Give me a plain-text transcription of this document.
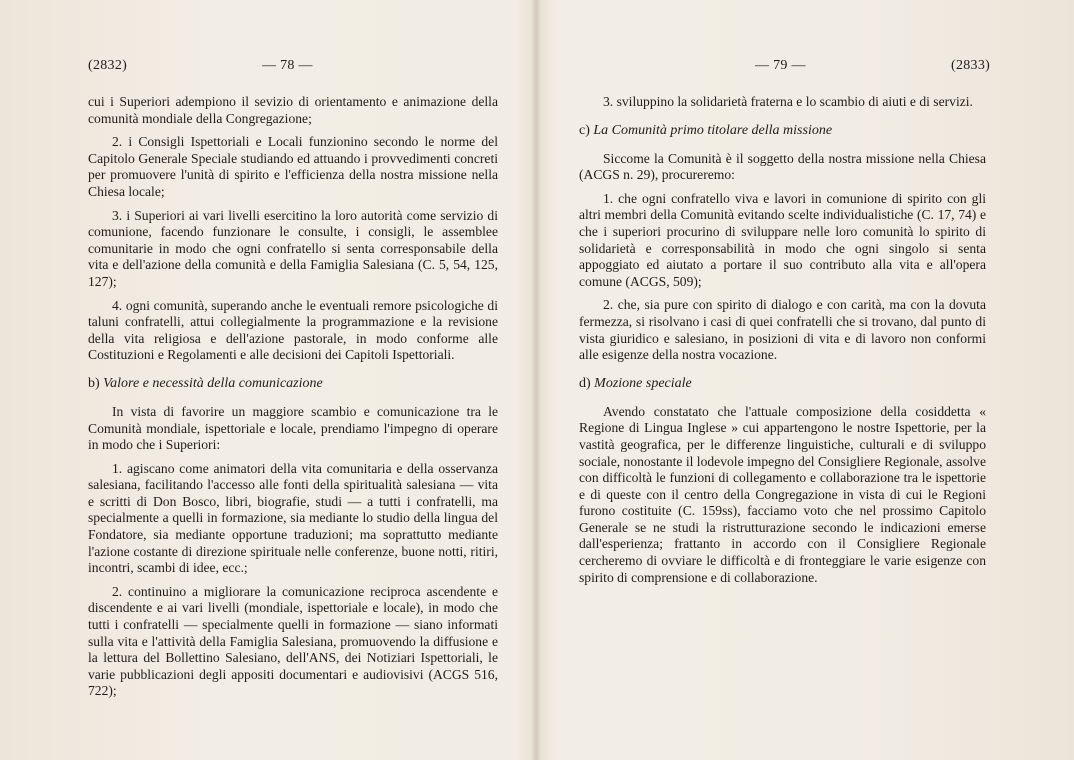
(2832)	— 78 —

cui i Superiori adempiono il sevizio di orientamento e animazione della comunità mondiale della Congregazione;

2. i Consigli Ispettoriali e Locali funzionino secondo le norme del Capitolo Generale Speciale studiando ed attuando i provvedimenti concreti per promuovere l'unità di spirito e l'efficienza della nostra missione nella Chiesa locale;

3. i Superiori ai vari livelli esercitino la loro autorità come servizio di comunione, facendo funzionare le consulte, i consigli, le assemblee comunitarie in modo che ogni confratello si senta corresponsabile della vita e dell'azione della comunità e della Famiglia Salesiana (C. 5, 54, 125, 127);

4. ogni comunità, superando anche le eventuali remore psicologiche di taluni confratelli, attui collegialmente la programmazione e la revisione della vita religiosa e dell'azione pastorale, in modo conforme alle Costituzioni e Regolamenti e alle decisioni dei Capitoli Ispettoriali.

b) Valore e necessità della comunicazione

In vista di favorire un maggiore scambio e comunicazione tra le Comunità mondiale, ispettoriale e locale, prendiamo l'impegno di operare in modo che i Superiori:

1. agiscano come animatori della vita comunitaria e della osservanza salesiana, facilitando l'accesso alle fonti della spiritualità salesiana — vita e scritti di Don Bosco, libri, biografie, studi — a tutti i confratelli, ma specialmente a quelli in formazione, sia mediante lo studio della lingua del Fondatore, sia mediante opportune traduzioni; ma soprattutto mediante l'azione costante di direzione spirituale nelle conferenze, buone notti, ritiri, incontri, scambi di idee, ecc.;

2. continuino a migliorare la comunicazione reciproca ascendente e discendente e ai vari livelli (mondiale, ispettoriale e locale), in modo che tutti i confratelli — specialmente quelli in formazione — siano informati sulla vita e l'attività della Famiglia Salesiana, promuovendo la diffusione e la lettura del Bollettino Salesiano, dell'ANS, dei Notiziari Ispettoriali, le varie pubblicazioni degli appositi documentari e audiovisivi (ACGS 516, 722);

— 79 —	(2833)

3. sviluppino la solidarietà fraterna e lo scambio di aiuti e di servizi.

c) La Comunità primo titolare della missione

Siccome la Comunità è il soggetto della nostra missione nella Chiesa (ACGS n. 29), procureremo:

1. che ogni confratello viva e lavori in comunione di spirito con gli altri membri della Comunità evitando scelte individualistiche (C. 17, 74) e che i superiori procurino di sviluppare nelle loro comunità lo spirito di solidarietà e corresponsabilità in modo che ogni singolo si senta appoggiato ed aiutato a portare il suo contributo alla vita e all'opera comune (ACGS, 509);

2. che, sia pure con spirito di dialogo e con carità, ma con la dovuta fermezza, si risolvano i casi di quei confratelli che si trovano, dal punto di vista giuridico e salesiano, in posizioni di vita e di lavoro non conformi alle esigenze della nostra vocazione.

d) Mozione speciale

Avendo constatato che l'attuale composizione della cosiddetta « Regione di Lingua Inglese » cui appartengono le nostre Ispettorie, per la vastità geografica, per le differenze linguistiche, culturali e di sviluppo sociale, nonostante il lodevole impegno del Consigliere Regionale, assolve con difficoltà le funzioni di collegamento e collaborazione tra le ispettorie e di queste con il centro della Congregazione in vista di cui le Regioni furono costituite (C. 159ss), facciamo voto che nel prossimo Capitolo Generale se ne studi la ristrutturazione secondo le indicazioni emerse dall'esperienza; frattanto in accordo con il Consigliere Regionale cercheremo di ovviare le difficoltà e di fronteggiare le varie esigenze con spirito di comprensione e di collaborazione.
